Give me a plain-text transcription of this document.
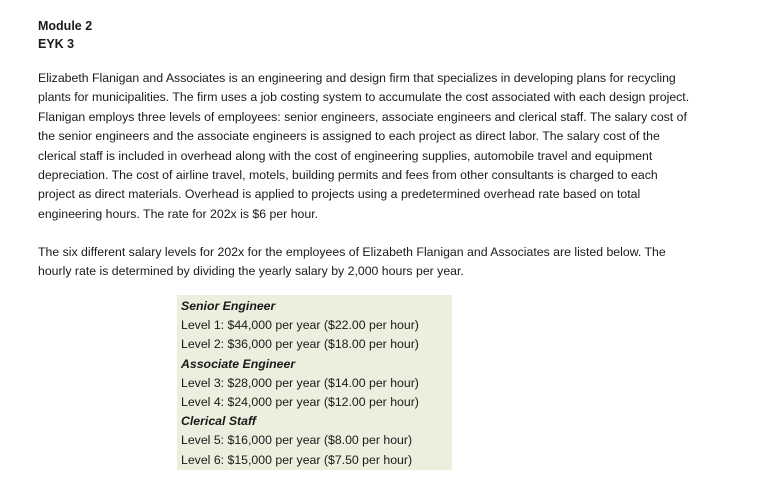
Module 2
EYK 3
Elizabeth Flanigan and Associates is an engineering and design firm that specializes in developing plans for recycling
plants for municipalities. The firm uses a job costing system to accumulate the cost associated with each design project.
Flanigan employs three levels of employees: senior engineers, associate engineers and clerical staff. The salary cost of
the senior engineers and the associate engineers is assigned to each project as direct labor. The salary cost of the
clerical staff is included in overhead along with the cost of engineering supplies, automobile travel and equipment
depreciation. The cost of airline travel, motels, building permits and fees from other consultants is charged to each
project as direct materials. Overhead is applied to projects using a predetermined overhead rate based on total
engineering hours. The rate for 202x is $6 per hour.
The six different salary levels for 202x for the employees of Elizabeth Flanigan and Associates are listed below. The
hourly rate is determined by dividing the yearly salary by 2,000 hours per year.
Senior Engineer
Level 1: $44,000 per year ($22.00 per hour)
Level 2: $36,000 per year ($18.00 per hour)
Associate Engineer
Level 3: $28,000 per year ($14.00 per hour)
Level 4: $24,000 per year ($12.00 per hour)
Clerical Staff
Level 5: $16,000 per year ($8.00 per hour)
Level 6: $15,000 per year ($7.50 per hour)
